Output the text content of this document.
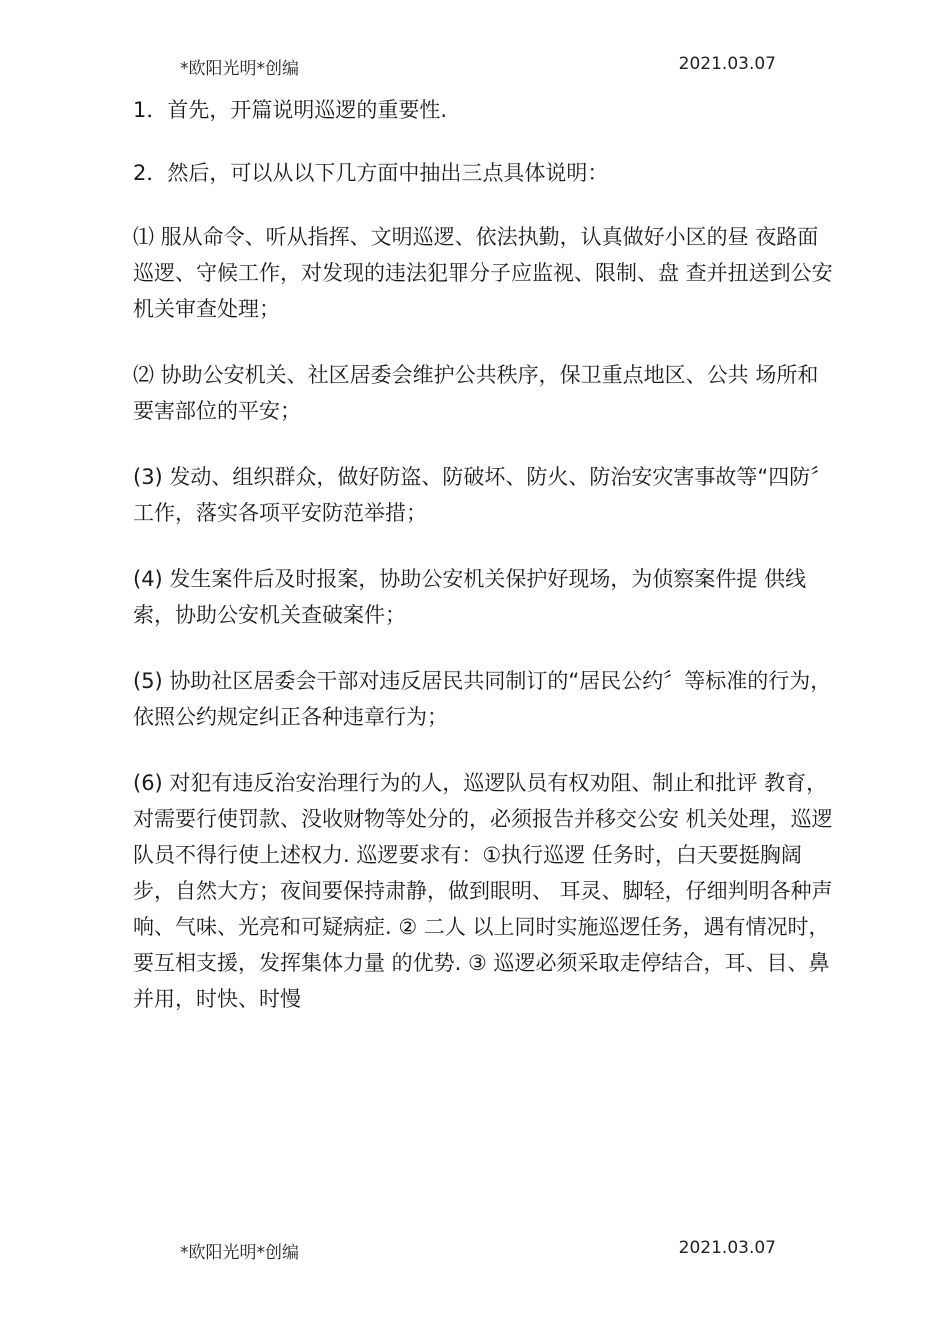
*欧阳光明*创编	2021.03.07

1．首先，开篇说明巡逻的重要性.

2．然后，可以从以下几方面中抽出三点具体说明：

⑴ 服从命令、听从指挥、文明巡逻、依法执勤，认真做好小区的昼 夜路面巡逻、守候工作，对发现的违法犯罪分子应监视、限制、盘 查并扭送到公安机关审查处理；

⑵ 协助公安机关、社区居委会维护公共秩序，保卫重点地区、公共 场所和要害部位的平安；

(3) 发动、组织群众，做好防盗、防破坏、防火、防治安灾害事故等“四防〞工作，落实各项平安防范举措；

(4) 发生案件后及时报案，协助公安机关保护好现场，为侦察案件提 供线索，协助公安机关查破案件；

(5) 协助社区居委会干部对违反居民共同制订的“居民公约〞等标准的行为，依照公约规定纠正各种违章行为；

(6) 对犯有违反治安治理行为的人，巡逻队员有权劝阻、制止和批评 教育，对需要行使罚款、没收财物等处分的，必须报告并移交公安 机关处理，巡逻队员不得行使上述权力. 巡逻要求有：①执行巡逻 任务时，白天要挺胸阔步，自然大方；夜间要保持肃静，做到眼明、 耳灵、脚轻，仔细判明各种声响、气味、光亮和可疑病症. ② 二人 以上同时实施巡逻任务，遇有情况时，要互相支援，发挥集体力量 的优势. ③ 巡逻必须采取走停结合，耳、目、鼻并用，时快、时慢

*欧阳光明*创编	2021.03.07
